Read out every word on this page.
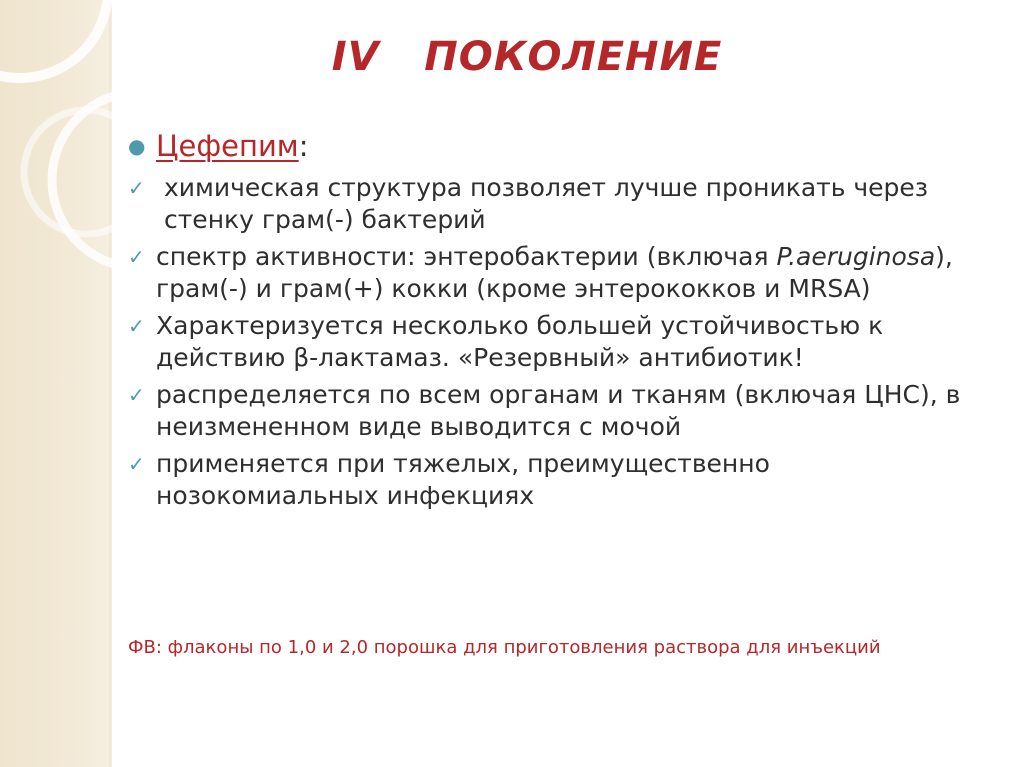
IV   ПОКОЛЕНИЕ
● Цефепим:
✓ химическая структура позволяет лучше проникать через стенку грам(-) бактерий
✓ спектр активности: энтеробактерии (включая P.aeruginosa), грам(-) и грам(+) кокки (кроме энтерококков и MRSA)
✓ Характеризуется несколько большей устойчивостью к действию β-лактамаз. «Резервный» антибиотик!
✓ распределяется по всем органам и тканям (включая ЦНС), в неизмененном виде выводится с мочой
✓ применяется при тяжелых, преимущественно нозокомиальных инфекциях
ФВ: флаконы по 1,0 и 2,0 порошка для приготовления раствора для инъекций
